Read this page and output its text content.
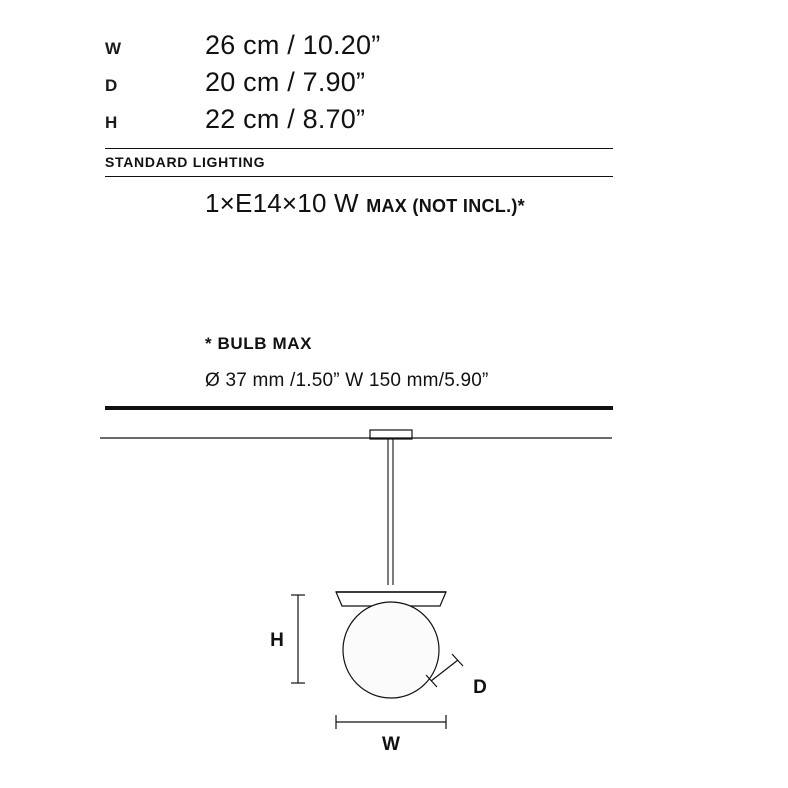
W	26 cm / 10.20”
D	20 cm / 7.90”
H	22 cm / 8.70”
STANDARD LIGHTING
1×E14×10 W MAX (NOT INCL.)*
* BULB MAX
Ø 37 mm /1.50” W 150 mm/5.90”
H
D
W
